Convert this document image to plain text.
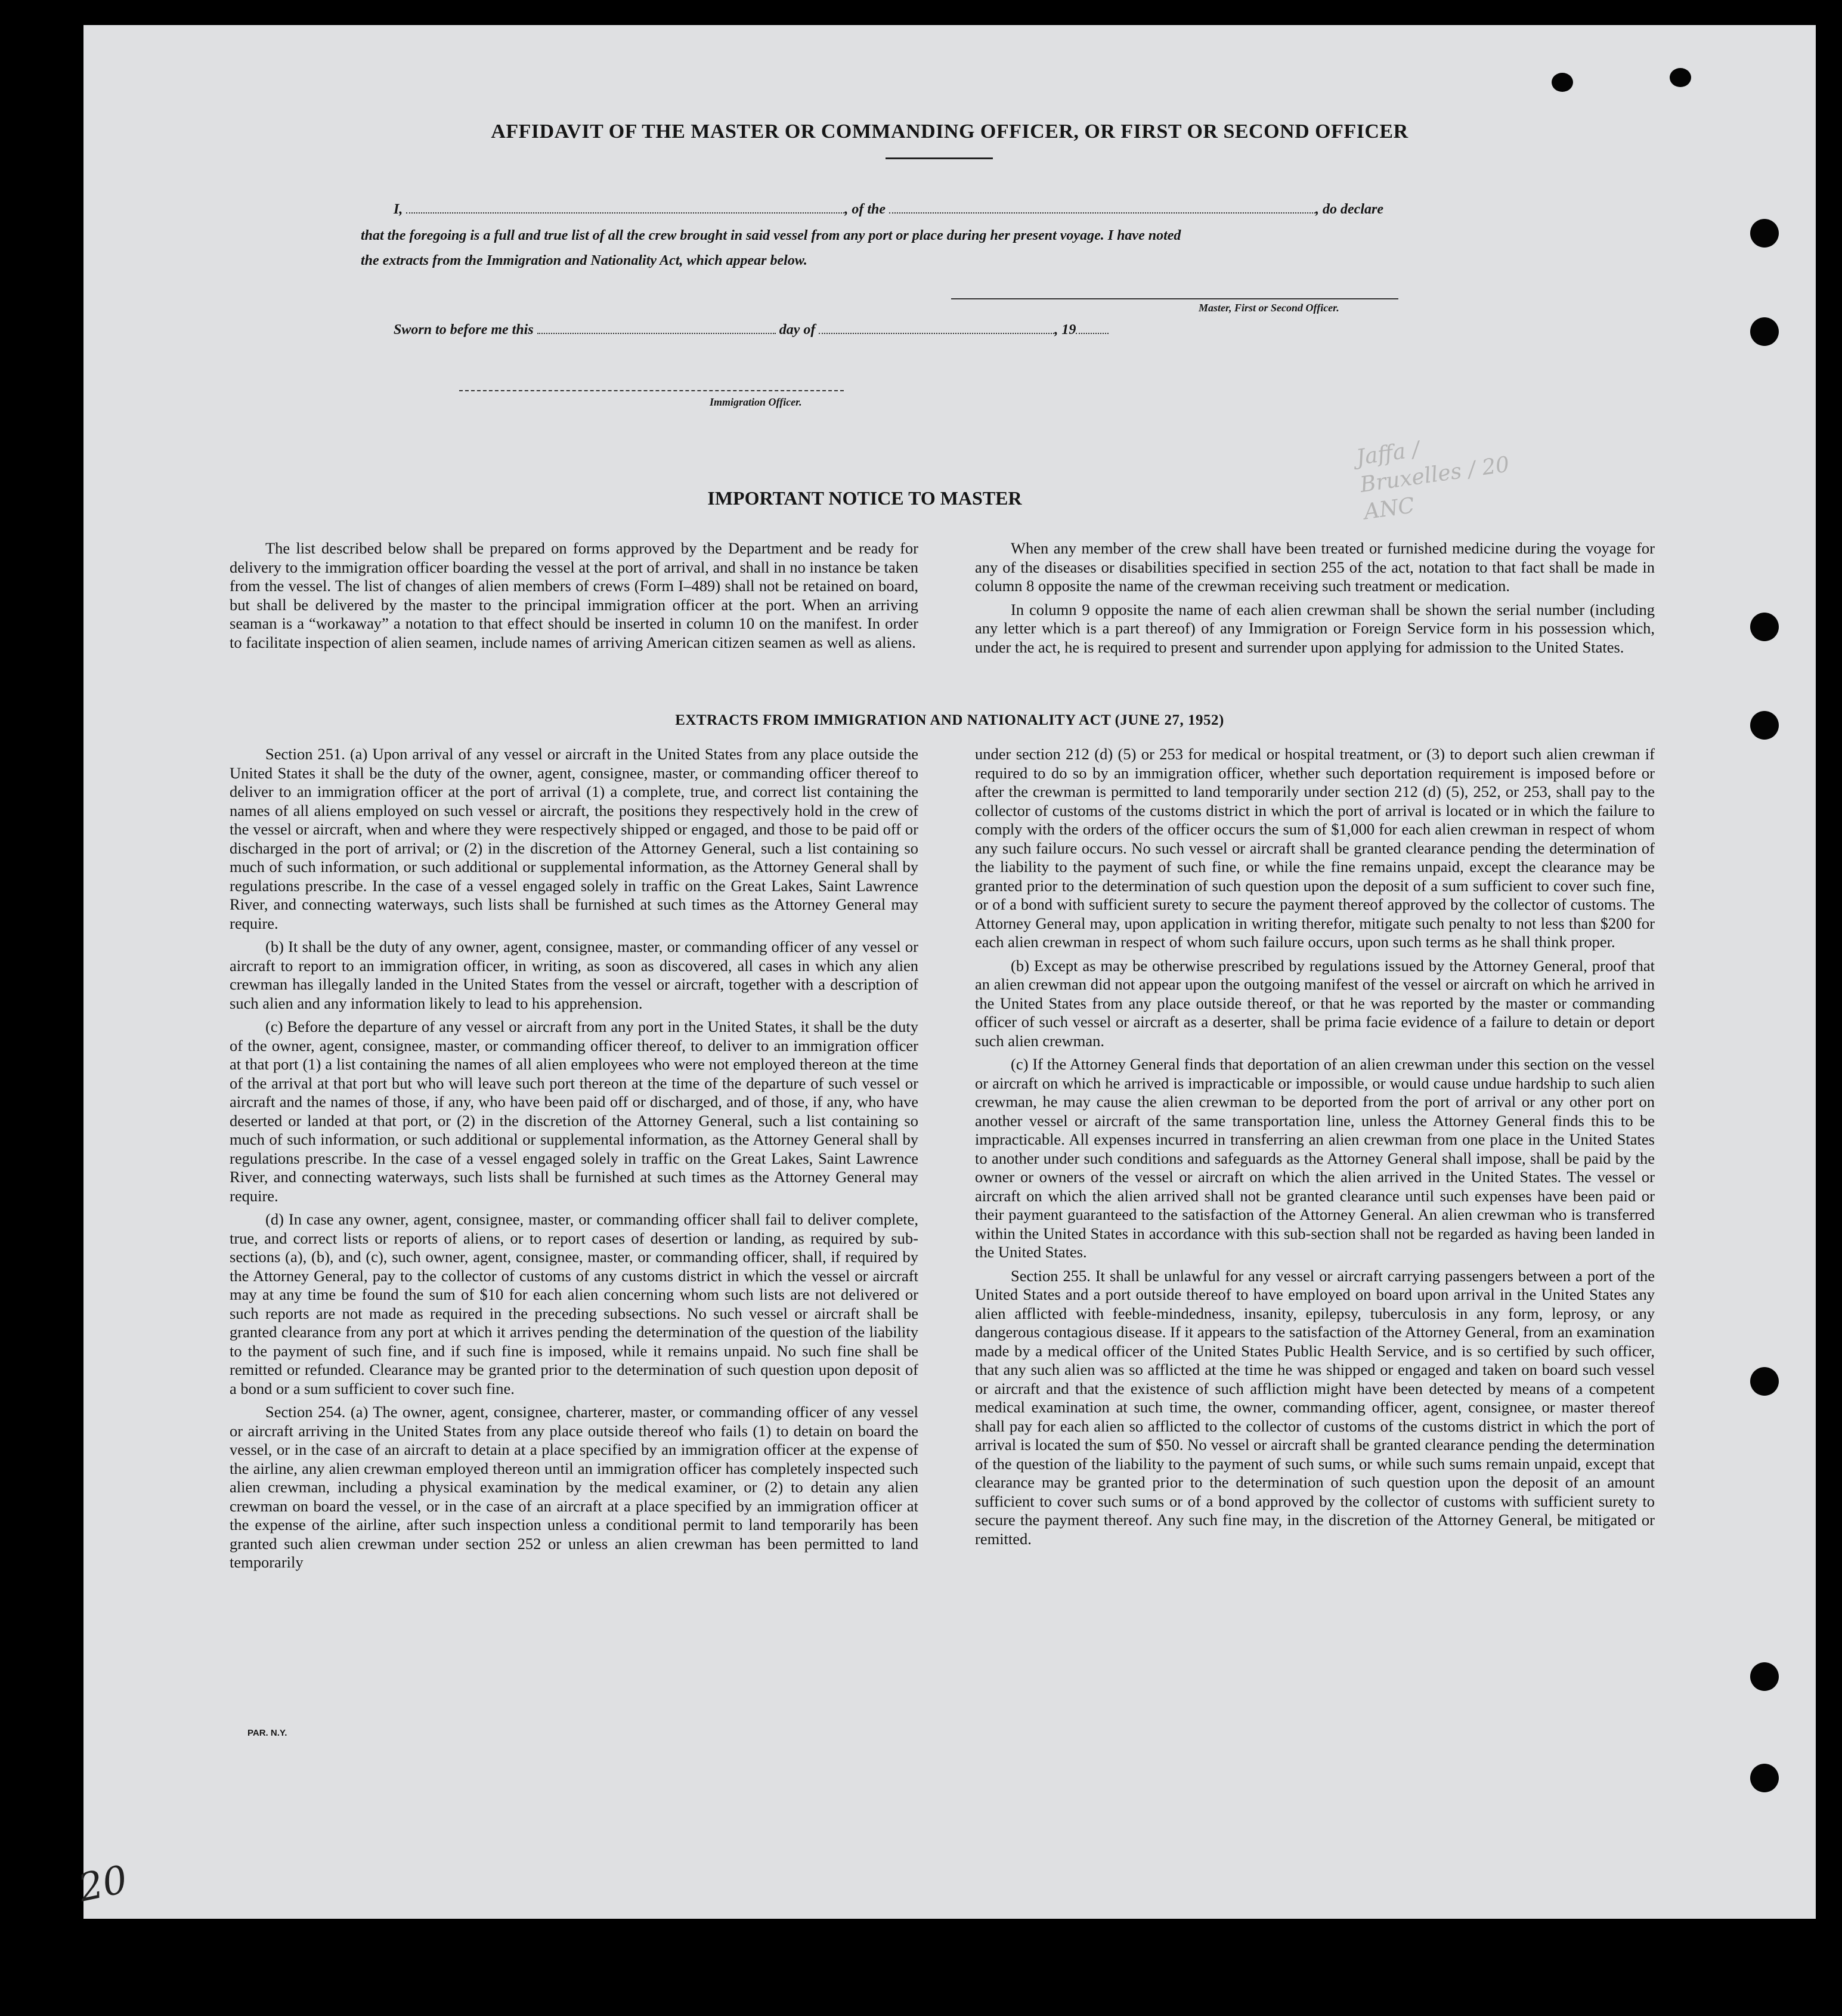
AFFIDAVIT OF THE MASTER OR COMMANDING OFFICER, OR FIRST OR SECOND OFFICER
I,	, of the	, do declare
that the foregoing is a full and true list of all the crew brought in said vessel from any port or place during her present voyage. I have noted
the extracts from the Immigration and Nationality Act, which appear below.
Master, First or Second Officer.
Sworn to before me this	day of	, 19
Immigration Officer.
Jaffa / Bruxelles / 20 ANC
IMPORTANT NOTICE TO MASTER

The list described below shall be prepared on forms approved by the Department and be ready for delivery to the immigration officer boarding the vessel at the port of arrival, and shall in no instance be taken from the vessel. The list of changes of alien members of crews (Form I–489) shall not be retained on board, but shall be delivered by the master to the principal immigration officer at the port. When an arriving seaman is a “workaway” a notation to that effect should be inserted in column 10 on the manifest. In order to facilitate inspection of alien seamen, include names of arriving American citizen seamen as well as aliens.

When any member of the crew shall have been treated or furnished medicine during the voyage for any of the diseases or disabilities specified in section 255 of the act, notation to that fact shall be made in column 8 opposite the name of the crewman receiving such treatment or medication.

In column 9 opposite the name of each alien crewman shall be shown the serial number (including any letter which is a part thereof) of any Immigration or Foreign Service form in his possession which, under the act, he is required to present and surrender upon applying for admission to the United States.

EXTRACTS FROM IMMIGRATION AND NATIONALITY ACT (JUNE 27, 1952)

Section 251. (a) Upon arrival of any vessel or aircraft in the United States from any place outside the United States it shall be the duty of the owner, agent, consignee, master, or commanding officer thereof to deliver to an immigration officer at the port of arrival (1) a complete, true, and correct list containing the names of all aliens employed on such vessel or aircraft, the positions they respectively hold in the crew of the vessel or aircraft, when and where they were respectively shipped or engaged, and those to be paid off or discharged in the port of arrival; or (2) in the discretion of the Attorney General, such a list containing so much of such information, or such additional or supplemental information, as the Attorney General shall by regulations prescribe. In the case of a vessel engaged solely in traffic on the Great Lakes, Saint Lawrence River, and connecting waterways, such lists shall be furnished at such times as the Attorney General may require.

(b) It shall be the duty of any owner, agent, consignee, master, or commanding officer of any vessel or aircraft to report to an immigration officer, in writing, as soon as discovered, all cases in which any alien crewman has illegally landed in the United States from the vessel or aircraft, together with a description of such alien and any information likely to lead to his apprehension.

(c) Before the departure of any vessel or aircraft from any port in the United States, it shall be the duty of the owner, agent, consignee, master, or commanding officer thereof, to deliver to an immigration officer at that port (1) a list containing the names of all alien employees who were not employed thereon at the time of the arrival at that port but who will leave such port thereon at the time of the departure of such vessel or aircraft and the names of those, if any, who have been paid off or discharged, and of those, if any, who have deserted or landed at that port, or (2) in the discretion of the Attorney General, such a list containing so much of such information, or such additional or supplemental information, as the Attorney General shall by regulations prescribe. In the case of a vessel engaged solely in traffic on the Great Lakes, Saint Lawrence River, and connecting waterways, such lists shall be furnished at such times as the Attorney General may require.

(d) In case any owner, agent, consignee, master, or commanding officer shall fail to deliver complete, true, and correct lists or reports of aliens, or to report cases of desertion or landing, as required by sub-sections (a), (b), and (c), such owner, agent, consignee, master, or commanding officer, shall, if required by the Attorney General, pay to the collector of customs of any customs district in which the vessel or aircraft may at any time be found the sum of $10 for each alien concerning whom such lists are not delivered or such reports are not made as required in the preceding subsections. No such vessel or aircraft shall be granted clearance from any port at which it arrives pending the determination of the question of the liability to the payment of such fine, and if such fine is imposed, while it remains unpaid. No such fine shall be remitted or refunded. Clearance may be granted prior to the determination of such question upon deposit of a bond or a sum sufficient to cover such fine.

Section 254. (a) The owner, agent, consignee, charterer, master, or commanding officer of any vessel or aircraft arriving in the United States from any place outside thereof who fails (1) to detain on board the vessel, or in the case of an aircraft to detain at a place specified by an immigration officer at the expense of the airline, any alien crewman employed thereon until an immigration officer has completely inspected such alien crewman, including a physical examination by the medical examiner, or (2) to detain any alien crewman on board the vessel, or in the case of an aircraft at a place specified by an immigration officer at the expense of the airline, after such inspection unless a conditional permit to land temporarily has been granted such alien crewman under section 252 or unless an alien crewman has been permitted to land temporarily

under section 212 (d) (5) or 253 for medical or hospital treatment, or (3) to deport such alien crewman if required to do so by an immigration officer, whether such deportation requirement is imposed before or after the crewman is permitted to land temporarily under section 212 (d) (5), 252, or 253, shall pay to the collector of customs of the customs district in which the port of arrival is located or in which the failure to comply with the orders of the officer occurs the sum of $1,000 for each alien crewman in respect of whom any such failure occurs. No such vessel or aircraft shall be granted clearance pending the determination of the liability to the payment of such fine, or while the fine remains unpaid, except the clearance may be granted prior to the determination of such question upon the deposit of a sum sufficient to cover such fine, or of a bond with sufficient surety to secure the payment thereof approved by the collector of customs. The Attorney General may, upon application in writing therefor, mitigate such penalty to not less than $200 for each alien crewman in respect of whom such failure occurs, upon such terms as he shall think proper.

(b) Except as may be otherwise prescribed by regulations issued by the Attorney General, proof that an alien crewman did not appear upon the outgoing manifest of the vessel or aircraft on which he arrived in the United States from any place outside thereof, or that he was reported by the master or commanding officer of such vessel or aircraft as a deserter, shall be prima facie evidence of a failure to detain or deport such alien crewman.

(c) If the Attorney General finds that deportation of an alien crewman under this section on the vessel or aircraft on which he arrived is impracticable or impossible, or would cause undue hardship to such alien crewman, he may cause the alien crewman to be deported from the port of arrival or any other port on another vessel or aircraft of the same transportation line, unless the Attorney General finds this to be impracticable. All expenses incurred in transferring an alien crewman from one place in the United States to another under such conditions and safeguards as the Attorney General shall impose, shall be paid by the owner or owners of the vessel or aircraft on which the alien arrived in the United States. The vessel or aircraft on which the alien arrived shall not be granted clearance until such expenses have been paid or their payment guaranteed to the satisfaction of the Attorney General. An alien crewman who is transferred within the United States in accordance with this sub-section shall not be regarded as having been landed in the United States.

Section 255. It shall be unlawful for any vessel or aircraft carrying passengers between a port of the United States and a port outside thereof to have employed on board upon arrival in the United States any alien afflicted with feeble-mindedness, insanity, epilepsy, tuberculosis in any form, leprosy, or any dangerous contagious disease. If it appears to the satisfaction of the Attorney General, from an examination made by a medical officer of the United States Public Health Service, and is so certified by such officer, that any such alien was so afflicted at the time he was shipped or engaged and taken on board such vessel or aircraft and that the existence of such affliction might have been detected by means of a competent medical examination at such time, the owner, commanding officer, agent, consignee, or master thereof shall pay for each alien so afflicted to the collector of customs of the customs district in which the port of arrival is located the sum of $50. No vessel or aircraft shall be granted clearance pending the determination of the question of the liability to the payment of such sums, or while such sums remain unpaid, except that clearance may be granted prior to the determination of such question upon the deposit of an amount sufficient to cover such sums or of a bond approved by the collector of customs with sufficient surety to secure the payment thereof. Any such fine may, in the discretion of the Attorney General, be mitigated or remitted.

PAR. N.Y.
20
